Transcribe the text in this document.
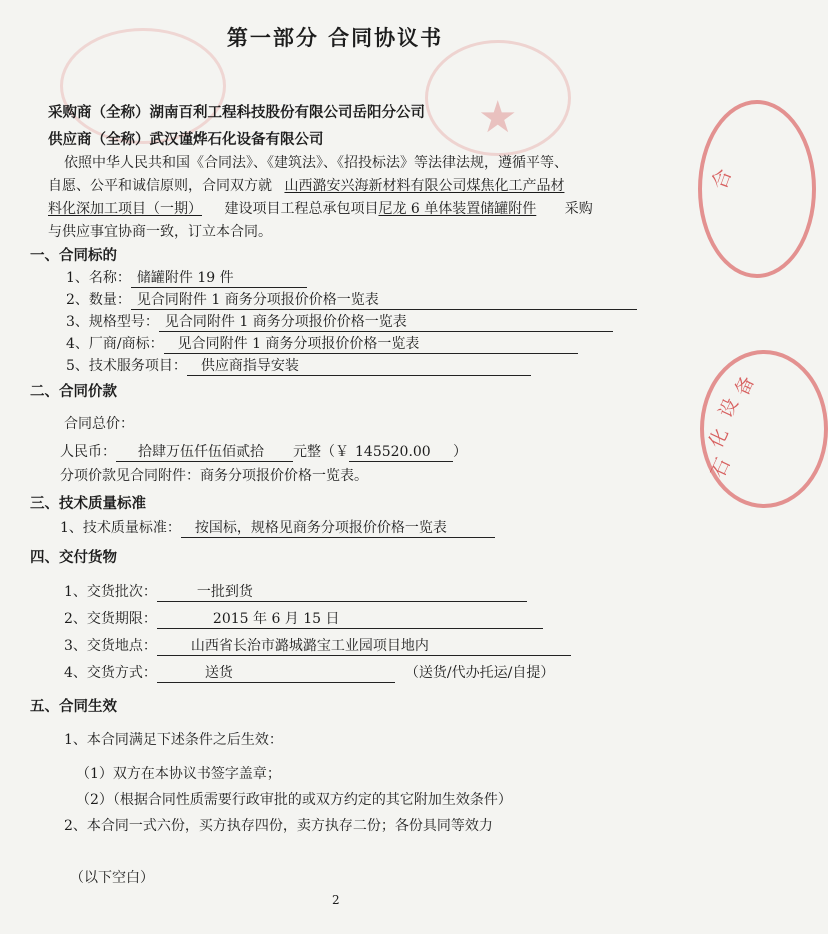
★
合
化
设
备
石
第一部分 合同协议书
采购商（全称）湖南百利工程科技股份有限公司岳阳分公司
供应商（全称）武汉谨烨石化设备有限公司
依照中华人民共和国《合同法》、《建筑法》、《招投标法》等法律法规，遵循平等、
自愿、公平和诚信原则，合同双方就 山西潞安兴海新材料有限公司煤焦化工产品材
料化深加工项目（一期） 建设项目工程总承包项目尼龙 6 单体装置储罐附件 采购
与供应事宜协商一致，订立本合同。
一、合同标的
1、名称： 储罐附件 19 件
2、数量： 见合同附件 1 商务分项报价价格一览表
3、规格型号： 见合同附件 1 商务分项报价价格一览表
4、厂商/商标： 见合同附件 1 商务分项报价价格一览表
5、技术服务项目： 供应商指导安装
二、合同价款
合同总价：
人民币： 拾肆万伍仟伍佰贰拾 元整（￥ 145520.00 ）
分项价款见合同附件：商务分项报价价格一览表。
三、技术质量标准
1、技术质量标准： 按国标，规格见商务分项报价价格一览表
四、交付货物
1、交货批次：	一批到货
2、交货期限：	2015 年 6 月 15 日
3、交货地点： 山西省长治市潞城潞宝工业园项目地内
4、交货方式：	送货	（送货/代办托运/自提）
五、合同生效
1、本合同满足下述条件之后生效：
（1）双方在本协议书签字盖章；
（2）（根据合同性质需要行政审批的或双方约定的其它附加生效条件）
2、本合同一式六份，买方执存四份，卖方执存二份；各份具同等效力
（以下空白）
2
